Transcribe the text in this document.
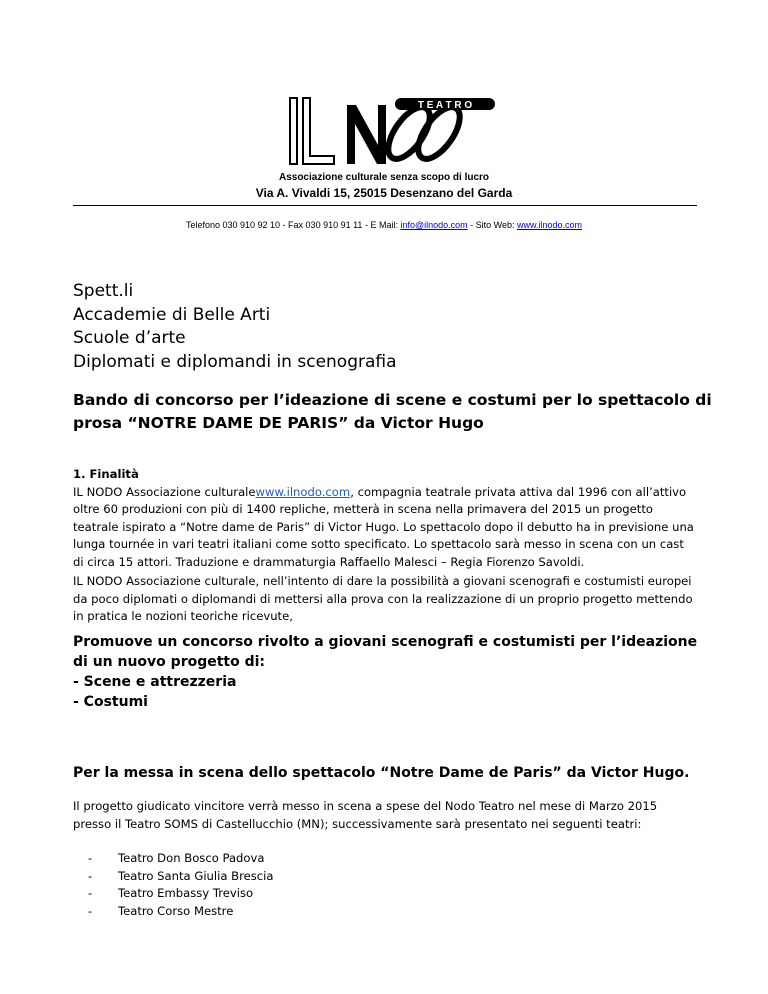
T E A T R O
Associazione culturale senza scopo di lucro
Via A. Vivaldi 15, 25015 Desenzano del Garda
Telefono 030 910 92 10 - Fax 030 910 91 11 - E Mail: info@ilnodo.com - Sito Web: www.ilnodo.com
Spett.li
Accademie di Belle Arti
Scuole d’arte
Diplomati e diplomandi in scenografia
Bando di concorso per l’ideazione di scene e costumi per lo spettacolo di prosa “NOTRE DAME DE PARIS” da Victor Hugo
1. Finalità
IL NODO Associazione culturalewww.ilnodo.com, compagnia teatrale privata attiva dal 1996 con all’attivo oltre 60 produzioni con più di 1400 repliche, metterà in scena nella primavera del 2015 un progetto teatrale ispirato a “Notre dame de Paris” di Victor Hugo. Lo spettacolo dopo il debutto ha in previsione una lunga tournée in vari teatri italiani come sotto specificato. Lo spettacolo sarà messo in scena con un cast di circa 15 attori. Traduzione e drammaturgia Raffaello Malesci – Regia Fiorenzo Savoldi.
IL NODO Associazione culturale, nell’intento di dare la possibilità a giovani scenografi e costumisti europei da poco diplomati o diplomandi di mettersi alla prova con la realizzazione di un proprio progetto mettendo in pratica le nozioni teoriche ricevute,
Promuove un concorso rivolto a giovani scenografi e costumisti per l’ideazione di un nuovo progetto di:
- Scene e attrezzeria
- Costumi
Per la messa in scena dello spettacolo “Notre Dame de Paris” da Victor Hugo.
Il progetto giudicato vincitore verrà messo in scena a spese del Nodo Teatro nel mese di Marzo 2015 presso il Teatro SOMS di Castellucchio (MN); successivamente sarà presentato nei seguenti teatri:
-	Teatro Don Bosco Padova
-	Teatro Santa Giulia Brescia
-	Teatro Embassy Treviso
-	Teatro Corso Mestre
